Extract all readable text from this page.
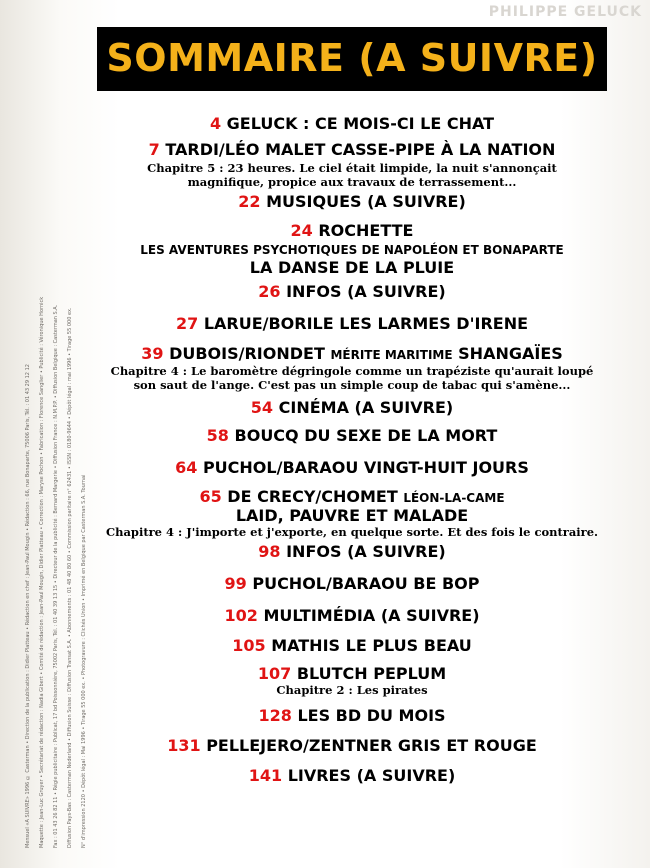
PHILIPPE GELUCK
Mensuel «A SUIVRE» 1996 © Casterman • Direction de la publication : Didier Platteau • Rédaction en chef : Jean-Paul Mougin • Rédaction : 66, rue Bonaparte, 75006 Paris, Tél. : 01 43 29 12 12	Maquette : Jean-Luc Gruyer • Secrétariat de rédaction : Nadia Gibert • Comité de rédaction : Jean-Paul Mougin, Didier Platteau • Correction : Maryse Pochon • Fabrication : Florence Sanglier • Publicité : Véronique Hornick	Fax : 01 43 26 82 11 • Régie publicitaire : Publicat, 17 bd Poissonnière, 75002 Paris, Tél. : 01 40 39 13 15 • Directeur de la publicité : Bernard Margerie • Diffusion France : N.M.P.P. • Diffusion Belgique : Casterman S.A.	Diffusion Pays-Bas : Casterman Nederland • Diffusion Suisse : Diffusion Transat S.A. • Abonnements : 01 48 40 80 60 • Commission paritaire n° 62431 • ISSN : 0180-9644 • Dépôt légal : mai 1996 • Tirage 55 000 ex.	N° d'impression 2120 • Dépôt légal : Mai 1996 • Tirage 55 000 ex. • Photogravure : Clichés Union • Imprimé en Belgique par Casterman S.A. Tournai
SOMMAIRE (A SUIVRE)
4 GELUCK : CE MOIS-CI LE CHAT
7 TARDI/LÉO MALET CASSE-PIPE À LA NATION
Chapitre 5 : 23 heures. Le ciel était limpide, la nuit s'annonçait magnifique, propice aux travaux de terrassement...
22 MUSIQUES (A SUIVRE)
24 ROCHETTE
LES AVENTURES PSYCHOTIQUES DE NAPOLÉON ET BONAPARTE
LA DANSE DE LA PLUIE
26 INFOS (A SUIVRE)
27 LARUE/BORILE LES LARMES D'IRENE
39 DUBOIS/RIONDET MÉRITE MARITIME SHANGAÏES
Chapitre 4 : Le baromètre dégringole comme un trapéziste qu'aurait loupé son saut de l'ange. C'est pas un simple coup de tabac qui s'amène...
54 CINÉMA (A SUIVRE)
58 BOUCQ DU SEXE DE LA MORT
64 PUCHOL/BARAOU VINGT-HUIT JOURS
65 DE CRECY/CHOMET LÉON-LA-CAME
LAID, PAUVRE ET MALADE
Chapitre 4 : J'importe et j'exporte, en quelque sorte. Et des fois le contraire.
98 INFOS (A SUIVRE)
99 PUCHOL/BARAOU BE BOP
102 MULTIMÉDIA (A SUIVRE)
105 MATHIS LE PLUS BEAU
107 BLUTCH PEPLUM
Chapitre 2 : Les pirates
128 LES BD DU MOIS
131 PELLEJERO/ZENTNER GRIS ET ROUGE
141 LIVRES (A SUIVRE)
